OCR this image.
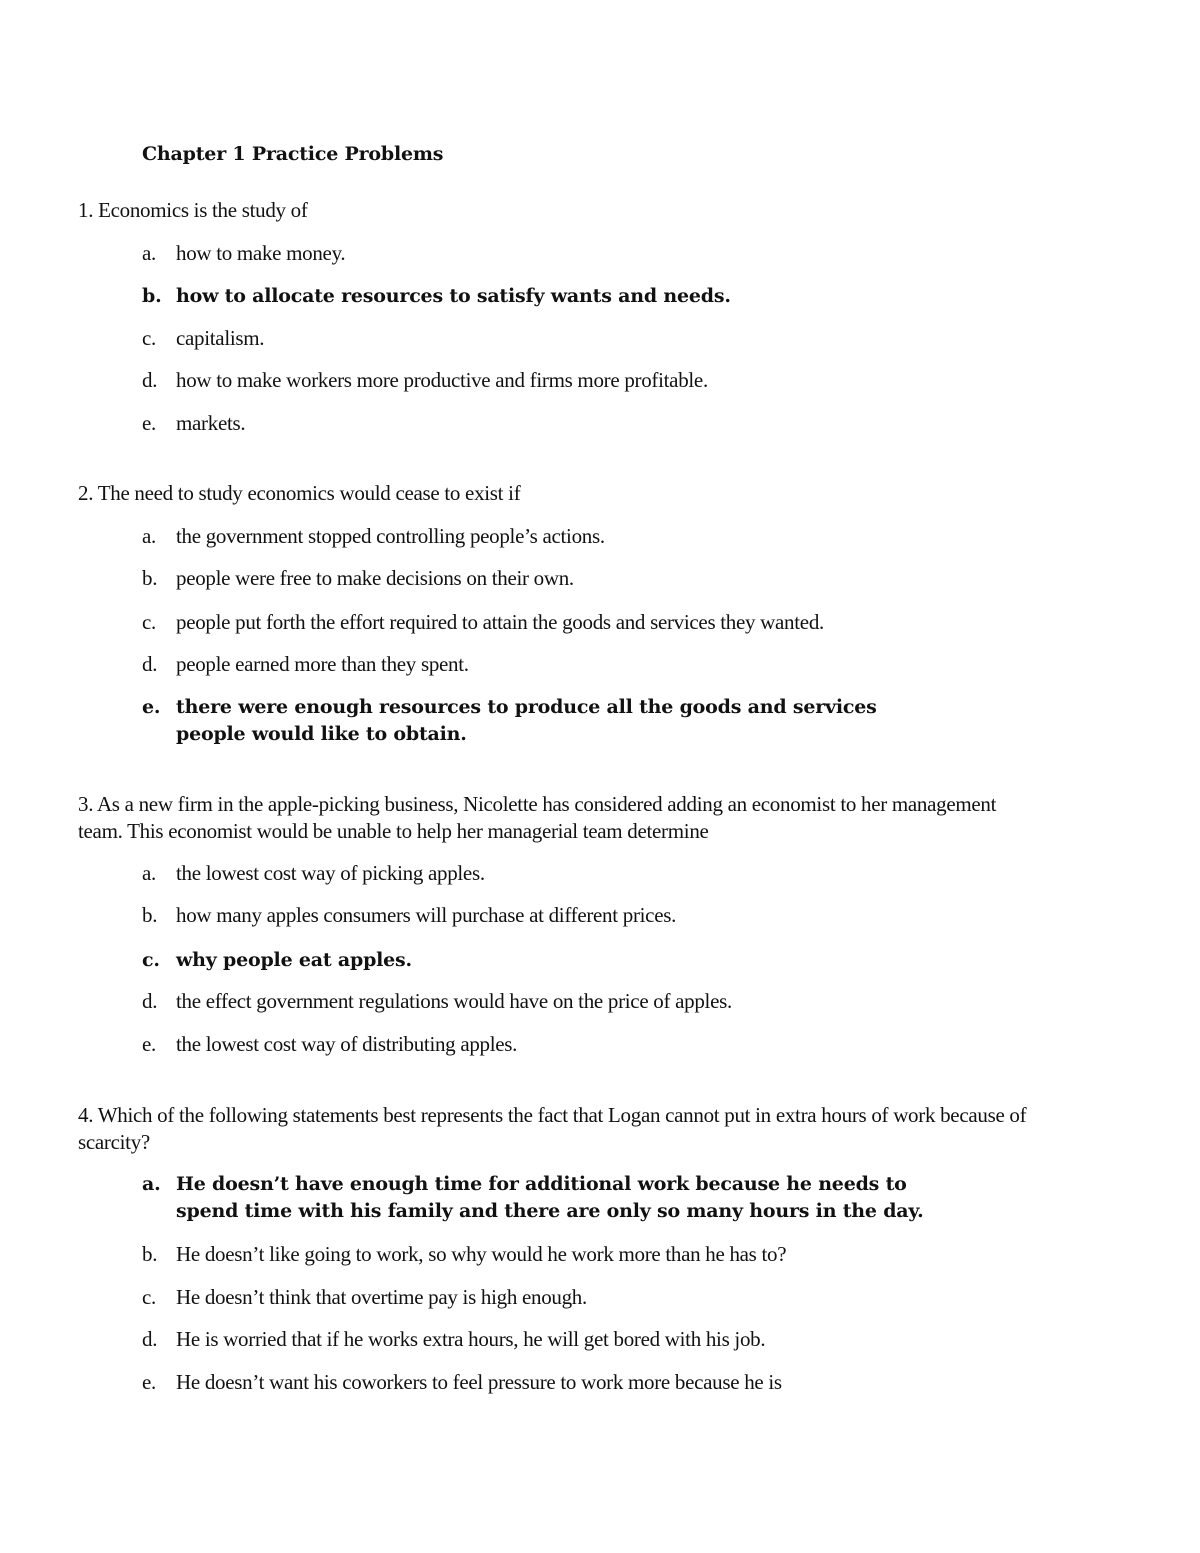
Chapter 1 Practice Problems
1. Economics is the study of
a. how to make money.
b. how to allocate resources to satisfy wants and needs.
c. capitalism.
d. how to make workers more productive and firms more profitable.
e. markets.
2. The need to study economics would cease to exist if
a. the government stopped controlling people’s actions.
b. people were free to make decisions on their own.
c. people put forth the effort required to attain the goods and services they wanted.
d. people earned more than they spent.
e. there were enough resources to produce all the goods and services people would like to obtain.
3. As a new firm in the apple-picking business, Nicolette has considered adding an economist to her management team. This economist would be unable to help her managerial team determine
a. the lowest cost way of picking apples.
b. how many apples consumers will purchase at different prices.
c. why people eat apples.
d. the effect government regulations would have on the price of apples.
e. the lowest cost way of distributing apples.
4. Which of the following statements best represents the fact that Logan cannot put in extra hours of work because of scarcity?
a. He doesn’t have enough time for additional work because he needs to spend time with his family and there are only so many hours in the day.
b. He doesn’t like going to work, so why would he work more than he has to?
c. He doesn’t think that overtime pay is high enough.
d. He is worried that if he works extra hours, he will get bored with his job.
e. He doesn’t want his coworkers to feel pressure to work more because he is
